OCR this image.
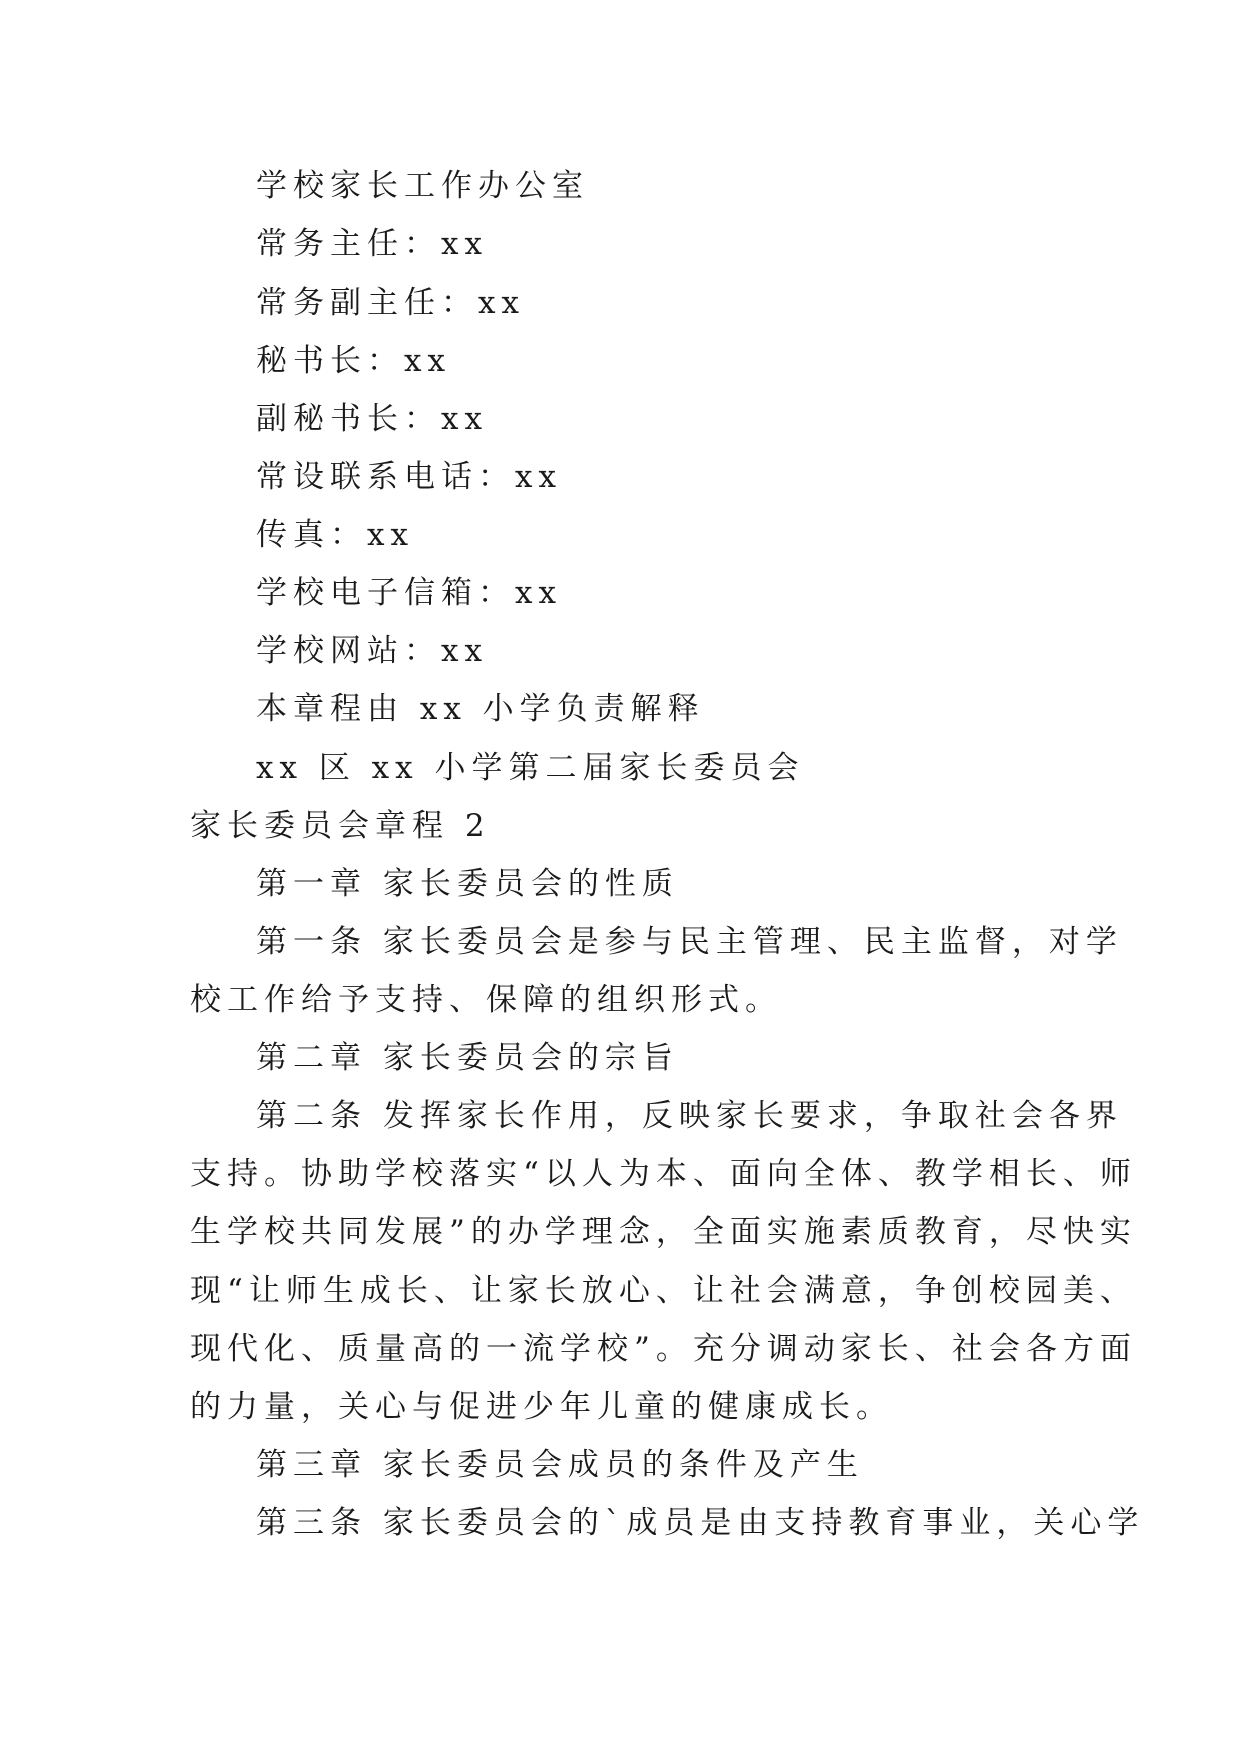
学校家长工作办公室
常务主任：xx
常务副主任：xx
秘书长：xx
副秘书长：xx
常设联系电话：xx
传真：xx
学校电子信箱：xx
学校网站：xx
本章程由 xx 小学负责解释
xx 区 xx 小学第二届家长委员会
家长委员会章程 2
第一章 家长委员会的性质
第一条 家长委员会是参与民主管理、民主监督，对学
校工作给予支持、保障的组织形式。
第二章 家长委员会的宗旨
第二条 发挥家长作用，反映家长要求，争取社会各界
支持。协助学校落实“以人为本、面向全体、教学相长、师
生学校共同发展”的办学理念，全面实施素质教育，尽快实
现“让师生成长、让家长放心、让社会满意，争创校园美、
现代化、质量高的一流学校”。充分调动家长、社会各方面
的力量，关心与促进少年儿童的健康成长。
第三章 家长委员会成员的条件及产生
第三条 家长委员会的`成员是由支持教育事业，关心学
